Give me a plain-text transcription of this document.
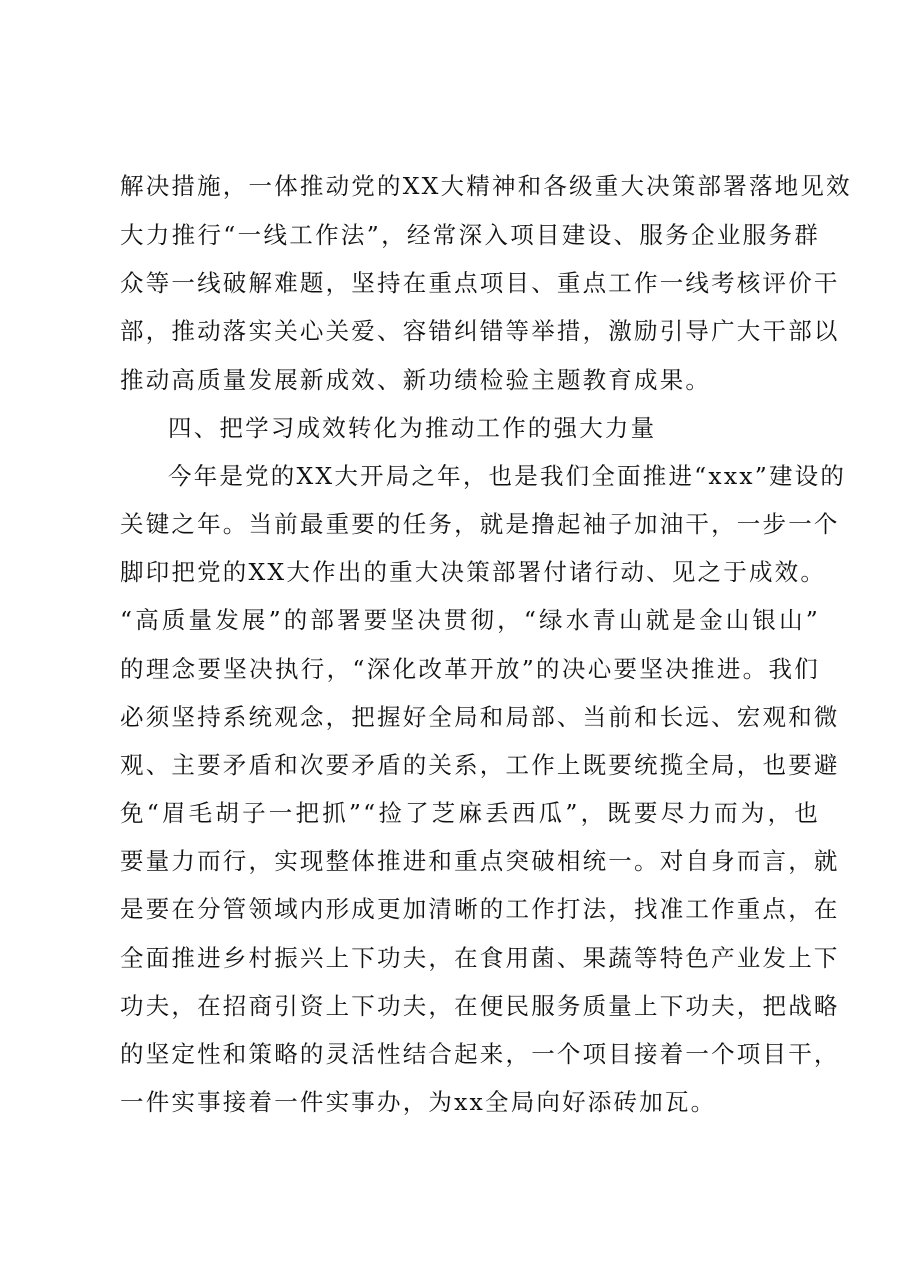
解决措施，一体推动党的XX大精神和各级重大决策部署落地见效
大力推行“一线工作法”，经常深入项目建设、服务企业服务群
众等一线破解难题，坚持在重点项目、重点工作一线考核评价干
部，推动落实关心关爱、容错纠错等举措，激励引导广大干部以
推动高质量发展新成效、新功绩检验主题教育成果。
四、把学习成效转化为推动工作的强大力量
今年是党的XX大开局之年，也是我们全面推进“xxx”建设的
关键之年。当前最重要的任务，就是撸起袖子加油干，一步一个
脚印把党的XX大作出的重大决策部署付诸行动、见之于成效。
“高质量发展”的部署要坚决贯彻，“绿水青山就是金山银山”
的理念要坚决执行，“深化改革开放”的决心要坚决推进。我们
必须坚持系统观念，把握好全局和局部、当前和长远、宏观和微
观、主要矛盾和次要矛盾的关系，工作上既要统揽全局，也要避
免“眉毛胡子一把抓”“捡了芝麻丢西瓜”，既要尽力而为，也
要量力而行，实现整体推进和重点突破相统一。对自身而言，就
是要在分管领域内形成更加清晰的工作打法，找准工作重点，在
全面推进乡村振兴上下功夫，在食用菌、果蔬等特色产业发上下
功夫，在招商引资上下功夫，在便民服务质量上下功夫，把战略
的坚定性和策略的灵活性结合起来，一个项目接着一个项目干，
一件实事接着一件实事办，为xx全局向好添砖加瓦。
